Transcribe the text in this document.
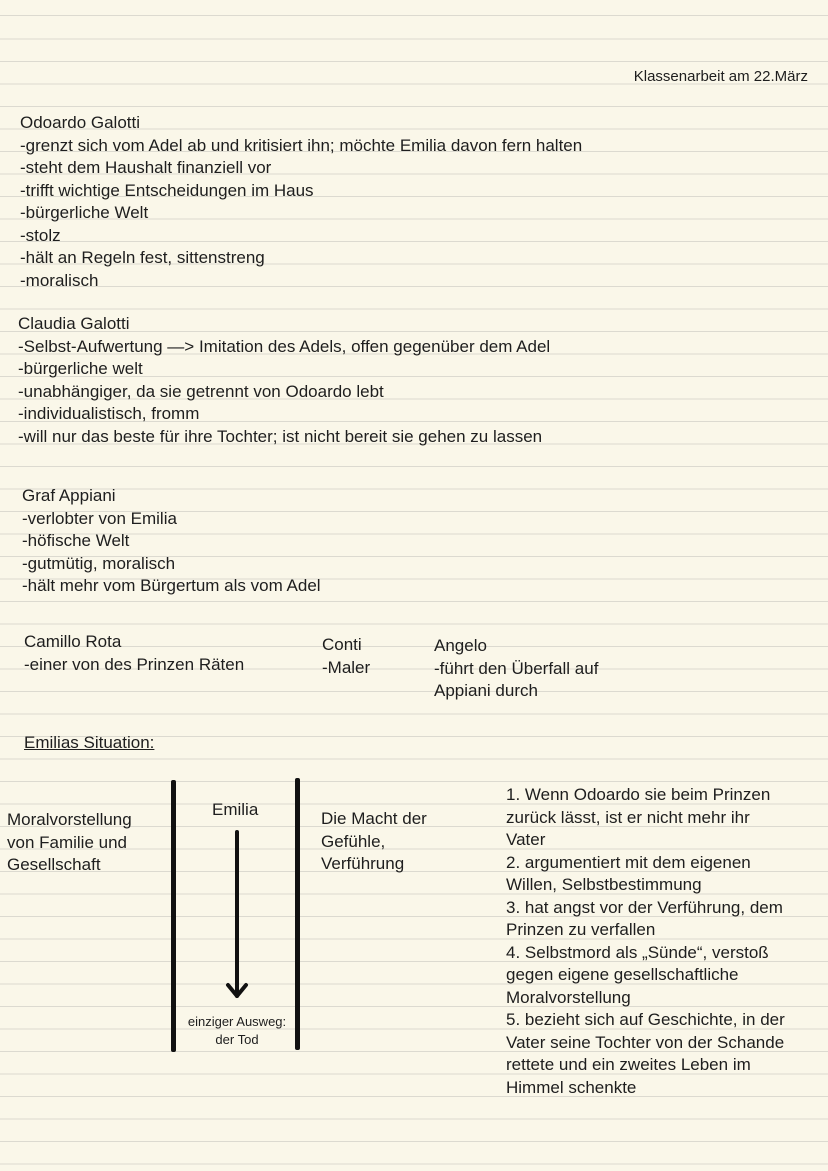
Klassenarbeit am 22.März
Odoardo Galotti
-grenzt sich vom Adel ab und kritisiert ihn; möchte Emilia davon fern halten
-steht dem Haushalt finanziell vor
-trifft wichtige Entscheidungen im Haus
-bürgerliche Welt
-stolz
-hält an Regeln fest, sittenstreng
-moralisch
Claudia Galotti
-Selbst-Aufwertung —> Imitation des Adels, offen gegenüber dem Adel
-bürgerliche welt
-unabhängiger, da sie getrennt von Odoardo lebt
-individualistisch, fromm
-will nur das beste für ihre Tochter; ist nicht bereit sie gehen zu lassen
Graf Appiani
-verlobter von Emilia
-höfische Welt
-gutmütig, moralisch
-hält mehr vom Bürgertum als vom Adel
Camillo Rota
-einer von des Prinzen Räten
Conti
-Maler
Angelo
-führt den Überfall auf
Appiani durch
Emilias Situation:
Moralvorstellung
von Familie und
Gesellschaft
Emilia
einziger Ausweg:
der Tod
Die Macht der
Gefühle,
Verführung
1. Wenn Odoardo sie beim Prinzen
zurück lässt, ist er nicht mehr ihr
Vater
2. argumentiert mit dem eigenen
Willen, Selbstbestimmung
3. hat angst vor der Verführung, dem
Prinzen zu verfallen
4. Selbstmord als „Sünde“, verstoß
gegen eigene gesellschaftliche
Moralvorstellung
5. bezieht sich auf Geschichte, in der
Vater seine Tochter von der Schande
rettete und ein zweites Leben im
Himmel schenkte
